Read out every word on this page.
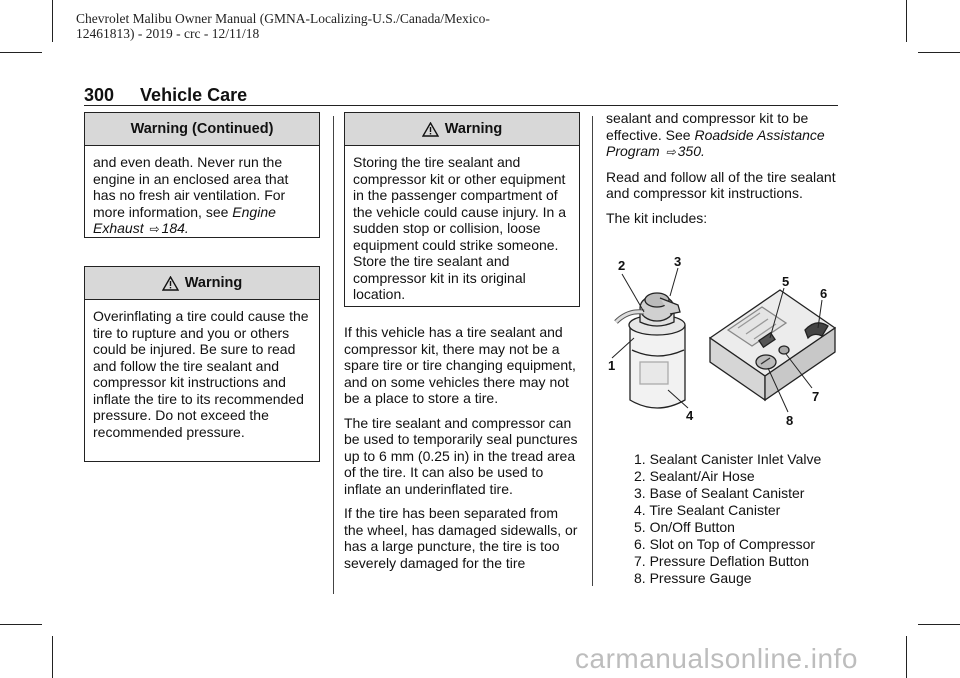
Chevrolet Malibu Owner Manual (GMNA-Localizing-U.S./Canada/Mexico-
12461813) - 2019 - crc - 12/11/18
300 Vehicle Care
Warning (Continued)
and even death. Never run the engine in an enclosed area that has no fresh air ventilation. For more information, see Engine Exhaust ⇨ 184.
Warning
Overinflating a tire could cause the tire to rupture and you or others could be injured. Be sure to read and follow the tire sealant and compressor kit instructions and inflate the tire to its recommended pressure. Do not exceed the recommended pressure.
Warning
Storing the tire sealant and compressor kit or other equipment in the passenger compartment of the vehicle could cause injury. In a sudden stop or collision, loose equipment could strike someone. Store the tire sealant and compressor kit in its original location.

If this vehicle has a tire sealant and compressor kit, there may not be a spare tire or tire changing equipment, and on some vehicles there may not be a place to store a tire.

The tire sealant and compressor can be used to temporarily seal punctures up to 6 mm (0.25 in) in the tread area of the tire. It can also be used to inflate an underinflated tire.

If the tire has been separated from the wheel, has damaged sidewalls, or has a large puncture, the tire is too severely damaged for the tire

sealant and compressor kit to be effective. See Roadside Assistance Program ⇨ 350.

Read and follow all of the tire sealant and compressor kit instructions.

The kit includes:

2	3
1
4
5
6
7
8
1. Sealant Canister Inlet Valve
2. Sealant/Air Hose
3. Base of Sealant Canister
4. Tire Sealant Canister
5. On/Off Button
6. Slot on Top of Compressor
7. Pressure Deflation Button
8. Pressure Gauge
carmanualsonline.info
